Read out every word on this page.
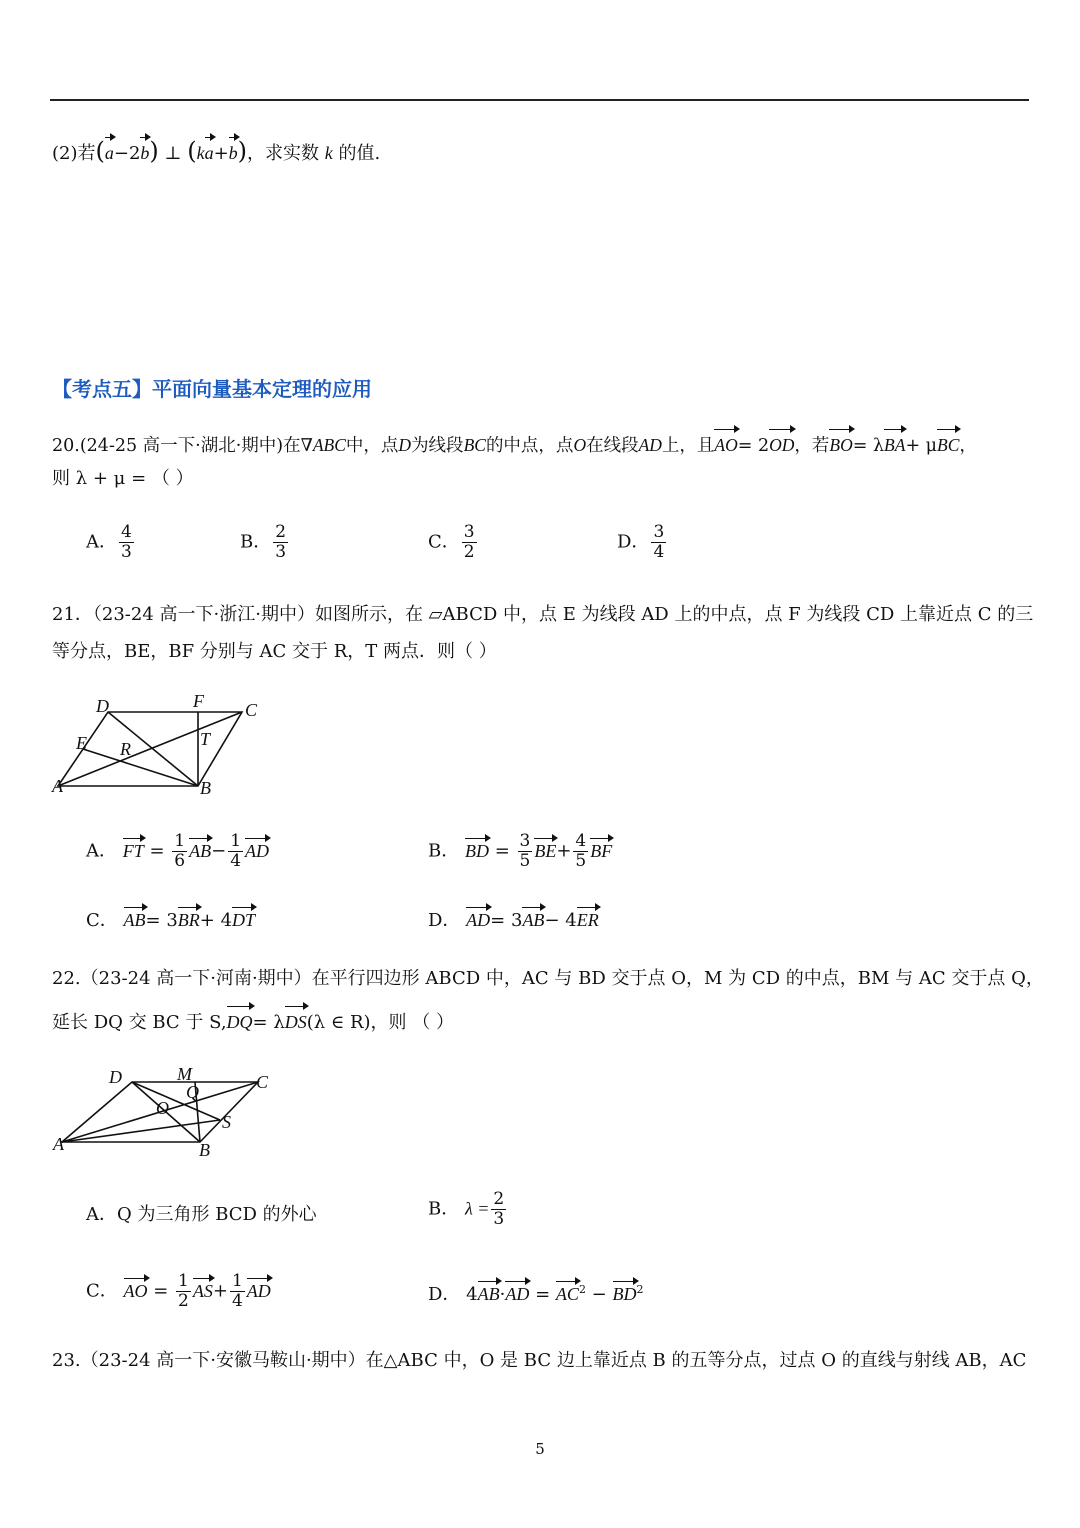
(2)若(a−2b) ⊥ (ka+b)，求实数 k 的值.
【考点五】平面向量基本定理的应用
20.(24-25 高一下·湖北·期中)在∇ABC中，点D为线段BC的中点，点O在线段AD上，且AO= 2OD，若BO= λBA+ μBC，
则 λ + μ = （ ）
A． $\frac{4}{3}$	B． $\frac{2}{3}$	C． $\frac{3}{2}$	D． $\frac{3}{4}$
21．（23-24 高一下·浙江·期中）如图所示，在 ▱ABCD 中，点 E 为线段 AD 上的中点，点 F 为线段 CD 上靠近点 C 的三
等分点，BE，BF 分别与 AC 交于 R，T 两点．则（ ）
D	F C
E R	T
A	B
A． FT = $\frac{1}{6} AB- \frac{1}{4}$ AD	B． BD = $\frac{3}{5} BE+ \frac{4}{5}$ BF
C． AB= 3BR+ 4DT	D． AD= 3AB− 4ER
22.（23-24 高一下·河南·期中）在平行四边形 ABCD 中，AC 与 BD 交于点 O，M 为 CD 的中点，BM 与 AC 交于点 Q，
延长 DQ 交 BC 于 S,DQ= λDS(λ ∈ R)，则 （ ）
D	M	C
Q
O
S
A	B
A．Q 为三角形 BCD 的外心	B． $\lambda = \frac{2}{3}$
C． AO = $\frac{1}{2} AS+ \frac{1}{4}$ AD	D． $4AB\cdot AD = AC^2 - BD^2$
23.（23-24 高一下·安徽马鞍山·期中）在△ABC 中，O 是 BC 边上靠近点 B 的五等分点，过点 O 的直线与射线 AB，AC
5
